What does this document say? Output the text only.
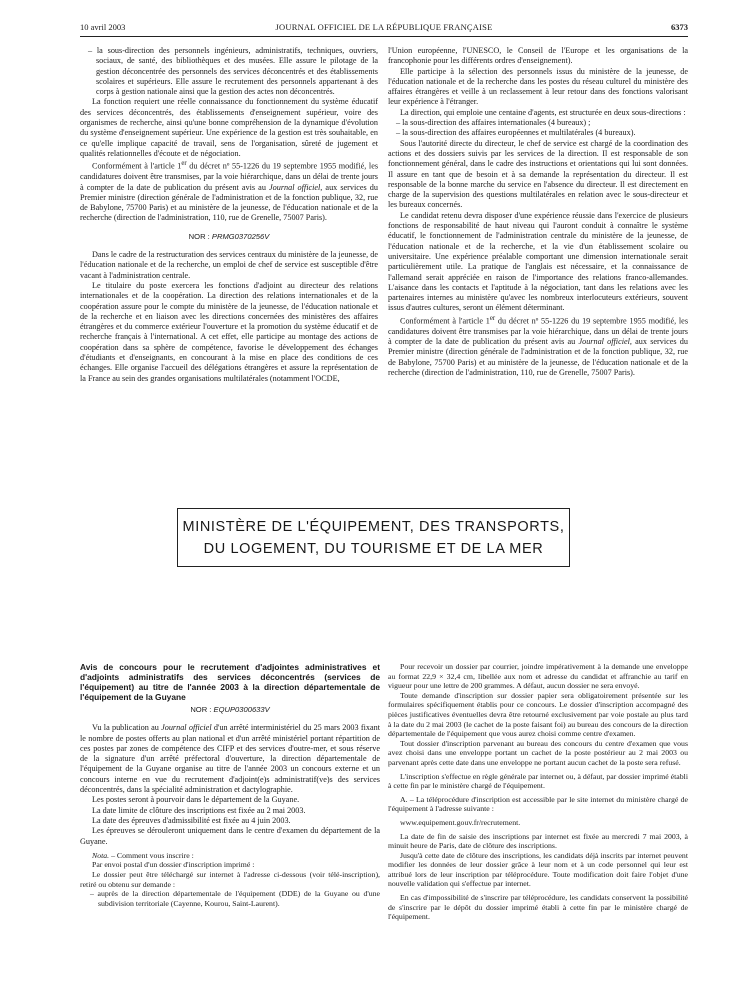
10 avril 2003	JOURNAL OFFICIEL DE LA RÉPUBLIQUE FRANÇAISE	6373

– la sous-direction des personnels ingénieurs, administratifs, techniques, ouvriers, sociaux, de santé, des bibliothèques et des musées. Elle assure le pilotage de la gestion déconcentrée des personnels des services déconcentrés et des établissements scolaires et supérieurs. Elle assure le recrutement des personnels appartenant à des corps à gestion nationale ainsi que la gestion des actes non déconcentrés.

La fonction requiert une réelle connaissance du fonctionnement du système éducatif des services déconcentrés, des établissements d'enseignement supérieur, voire des organismes de recherche, ainsi qu'une bonne compréhension de la dynamique d'évolution du système d'enseignement supérieur. Une expérience de la gestion est très souhaitable, en ce qu'elle implique capacité de travail, sens de l'organisation, sûreté de jugement et qualités relationnelles d'écoute et de négociation.

Conformément à l'article 1er du décret nº 55-1226 du 19 septembre 1955 modifié, les candidatures doivent être transmises, par la voie hiérarchique, dans un délai de trente jours à compter de la date de publication du présent avis au Journal officiel, aux services du Premier ministre (direction générale de l'administration et de la fonction publique, 32, rue de Babylone, 75700 Paris) et au ministère de la jeunesse, de l'éducation nationale et de la recherche (direction de l'administration, 110, rue de Grenelle, 75007 Paris).

NOR : PRMG0370256V

Dans le cadre de la restructuration des services centraux du ministère de la jeunesse, de l'éducation nationale et de la recherche, un emploi de chef de service est susceptible d'être vacant à l'administration centrale.

Le titulaire du poste exercera les fonctions d'adjoint au directeur des relations internationales et de la coopération. La direction des relations internationales et de la coopération assure pour le compte du ministère de la jeunesse, de l'éducation nationale et de la recherche et en liaison avec les directions concernées des ministères des affaires étrangères et du commerce extérieur l'ouverture et la promotion du système éducatif et de recherche français à l'international. A cet effet, elle participe au montage des actions de coopération dans sa sphère de compétence, favorise le développement des échanges d'étudiants et d'enseignants, en concourant à la mise en place des conditions de ces échanges. Elle organise l'accueil des délégations étrangères et assure la représentation de la France au sein des grandes organisations multilatérales (notamment l'OCDE,

l'Union européenne, l'UNESCO, le Conseil de l'Europe et les organisations de la francophonie pour les différents ordres d'enseignement).

Elle participe à la sélection des personnels issus du ministère de la jeunesse, de l'éducation nationale et de la recherche dans les postes du réseau culturel du ministère des affaires étrangères et veille à un reclassement à leur retour dans des fonctions valorisant leur expérience à l'étranger.

La direction, qui emploie une centaine d'agents, est structurée en deux sous-directions :

– la sous-direction des affaires internationales (4 bureaux) ;

– la sous-direction des affaires européennes et multilatérales (4 bureaux).

Sous l'autorité directe du directeur, le chef de service est chargé de la coordination des actions et des dossiers suivis par les services de la direction. Il est responsable de son fonctionnement général, dans le cadre des instructions et orientations qui lui sont données. Il assure en tant que de besoin et à sa demande la représentation du directeur. Il est responsable de la bonne marche du service en l'absence du directeur. Il est directement en charge de la supervision des questions multilatérales en relation avec le sous-directeur et les bureaux concernés.

Le candidat retenu devra disposer d'une expérience réussie dans l'exercice de plusieurs fonctions de responsabilité de haut niveau qui l'auront conduit à connaître le système éducatif, le fonctionnement de l'administration centrale du ministère de la jeunesse, de l'éducation nationale et de la recherche, et la vie d'un établissement scolaire ou universitaire. Une expérience préalable comportant une dimension internationale serait particulièrement utile. La pratique de l'anglais est nécessaire, et la connaissance de l'allemand serait appréciée en raison de l'importance des relations franco-allemandes. L'aisance dans les contacts et l'aptitude à la négociation, tant dans les relations avec les partenaires internes au ministère qu'avec les nombreux interlocuteurs extérieurs, souvent issus d'autres cultures, seront un élément déterminant.

Conformément à l'article 1er du décret nº 55-1226 du 19 septembre 1955 modifié, les candidatures doivent être transmises par la voie hiérarchique, dans un délai de trente jours à compter de la date de publication du présent avis au Journal officiel, aux services du Premier ministre (direction générale de l'administration et de la fonction publique, 32, rue de Babylone, 75700 Paris) et au ministère de la jeunesse, de l'éducation nationale et de la recherche (direction de l'administration, 110, rue de Grenelle, 75007 Paris).

MINISTÈRE DE L'ÉQUIPEMENT, DES TRANSPORTS,
DU LOGEMENT, DU TOURISME ET DE LA MER

Avis de concours pour le recrutement d'adjointes administratives et d'adjoints administratifs des services déconcentrés (services de l'équipement) au titre de l'année 2003 à la direction départementale de l'équipement de la Guyane

NOR : EQUP0300633V

Vu la publication au Journal officiel d'un arrêté interministériel du 25 mars 2003 fixant le nombre de postes offerts au plan national et d'un arrêté ministériel portant répartition de ces postes par zones de compétence des CIFP et des services d'outre-mer, et sous réserve de la signature d'un arrêté préfectoral d'ouverture, la direction départementale de l'équipement de la Guyane organise au titre de l'année 2003 un concours externe et un concours interne en vue du recrutement d'adjoint(e)s administratif(ve)s des services déconcentrés, dans la spécialité administration et dactylographie.

Les postes seront à pourvoir dans le département de la Guyane.

La date limite de clôture des inscriptions est fixée au 2 mai 2003.

La date des épreuves d'admissibilité est fixée au 4 juin 2003.

Les épreuves se dérouleront uniquement dans le centre d'examen du département de la Guyane.

Nota. – Comment vous inscrire :

Par envoi postal d'un dossier d'inscription imprimé :

Le dossier peut être téléchargé sur internet à l'adresse ci-dessous (voir télé-inscription), retiré ou obtenu sur demande :

– auprès de la direction départementale de l'équipement (DDE) de la Guyane ou d'une subdivision territoriale (Cayenne, Kourou, Saint-Laurent).

Pour recevoir un dossier par courrier, joindre impérativement à la demande une enveloppe au format 22,9 × 32,4 cm, libellée aux nom et adresse du candidat et affranchie au tarif en vigueur pour une lettre de 200 grammes. A défaut, aucun dossier ne sera envoyé.

Toute demande d'inscription sur dossier papier sera obligatoirement présentée sur les formulaires spécifiquement établis pour ce concours. Le dossier d'inscription accompagné des pièces justificatives éventuelles devra être retourné exclusivement par voie postale au plus tard à la date du 2 mai 2003 (le cachet de la poste faisant foi) au bureau des concours de la direction départementale de l'équipement que vous aurez choisi comme centre d'examen.

Tout dossier d'inscription parvenant au bureau des concours du centre d'examen que vous avez choisi dans une enveloppe portant un cachet de la poste postérieur au 2 mai 2003 ou parvenant après cette date dans une enveloppe ne portant aucun cachet de la poste sera refusé.

L'inscription s'effectue en règle générale par internet ou, à défaut, par dossier imprimé établi à cette fin par le ministère chargé de l'équipement.

A. – La téléprocédure d'inscription est accessible par le site internet du ministère chargé de l'équipement à l'adresse suivante :

www.equipement.gouv.fr/recrutement.

La date de fin de saisie des inscriptions par internet est fixée au mercredi 7 mai 2003, à minuit heure de Paris, date de clôture des inscriptions.

Jusqu'à cette date de clôture des inscriptions, les candidats déjà inscrits par internet peuvent modifier les données de leur dossier grâce à leur nom et à un code personnel qui leur est attribué lors de leur inscription par téléprocédure. Toute modification doit faire l'objet d'une nouvelle validation qui s'effectue par internet.

En cas d'impossibilité de s'inscrire par téléprocédure, les candidats conservent la possibilité de s'inscrire par le dépôt du dossier imprimé établi à cette fin par le ministère chargé de l'équipement.
